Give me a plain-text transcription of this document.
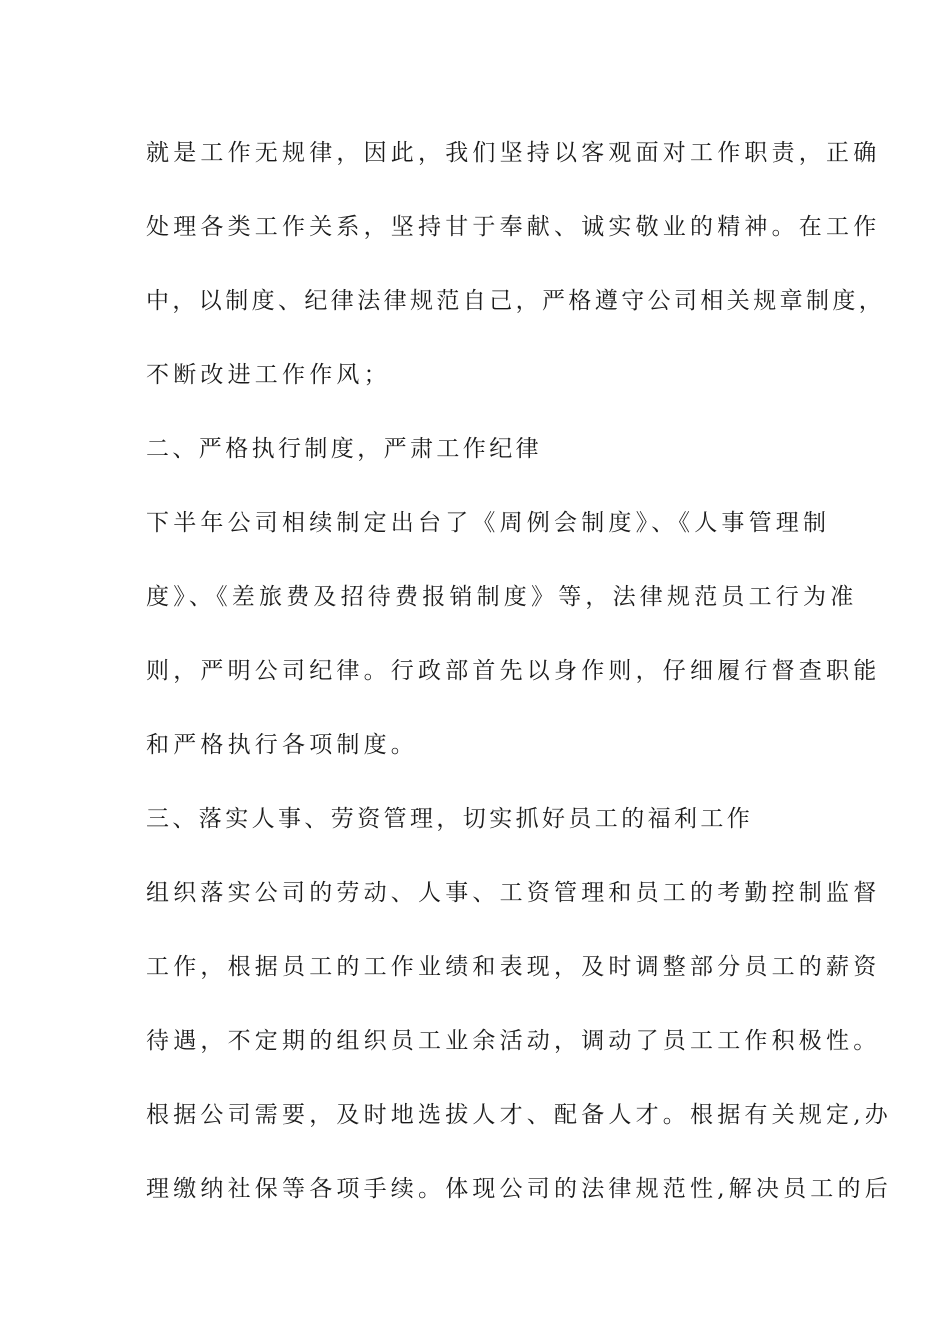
就是工作无规律，因此，我们坚持以客观面对工作职责，正确
处理各类工作关系，坚持甘于奉献、诚实敬业的精神。在工作
中，以制度、纪律法律规范自己，严格遵守公司相关规章制度，
不断改进工作作风；
二、严格执行制度，严肃工作纪律
下半年公司相续制定出台了《周例会制度》、《人事管理制
度》、《差旅费及招待费报销制度》等，法律规范员工行为准
则，严明公司纪律。行政部首先以身作则，仔细履行督查职能
和严格执行各项制度。
三、落实人事、劳资管理，切实抓好员工的福利工作
组织落实公司的劳动、人事、工资管理和员工的考勤控制监督
工作，根据员工的工作业绩和表现，及时调整部分员工的薪资
待遇，不定期的组织员工业余活动，调动了员工工作积极性。
根据公司需要，及时地选拔人才、配备人才。根据有关规定,办
理缴纳社保等各项手续。体现公司的法律规范性,解决员工的后
